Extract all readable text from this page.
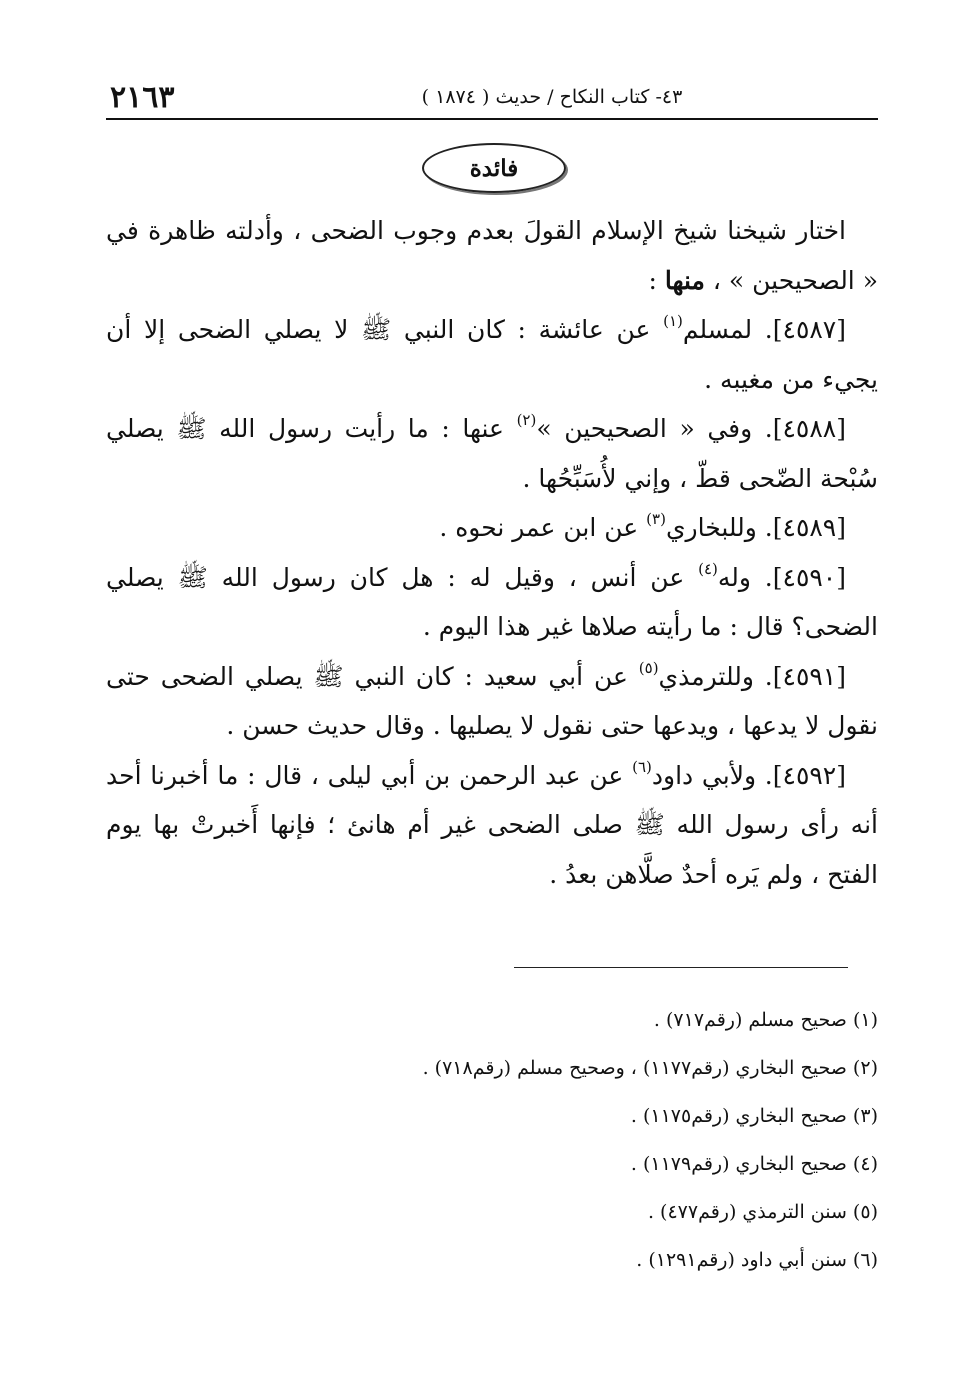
٢١٦٣	٤٣- كتاب النكاح / حديث ( ١٨٧٤ )
فائدة

اختار شيخنا شيخ الإسلام القولَ بعدم وجوب الضحى ، وأدلته ظاهرة في « الصحيحين » ، منها :

[٤٥٨٧]. لمسلم$^{(١)}$ عن عائشة : كان النبي ﷺ لا يصلي الضحى إلا أن يجيء من مغيبه .

[٤٥٨٨]. وفي « الصحيحين »$^{(٢)}$ عنها : ما رأيت رسول الله ﷺ يصلي سُبْحة الضّحى قطّ ، وإني لأُسَبِّحُها .

[٤٥٨٩]. وللبخاري$^{(٣)}$ عن ابن عمر نحوه .

[٤٥٩٠]. وله$^{(٤)}$ عن أنس ، وقيل له : هل كان رسول الله ﷺ يصلي الضحى؟ قال : ما رأيته صلاها غير هذا اليوم .

[٤٥٩١]. وللترمذي$^{(٥)}$ عن أبي سعيد : كان النبي ﷺ يصلي الضحى حتى نقول لا يدعها ، ويدعها حتى نقول لا يصليها . وقال حديث حسن .

[٤٥٩٢]. ولأبي داود$^{(٦)}$ عن عبد الرحمن بن أبي ليلى ، قال : ما أخبرنا أحد أنه رأى رسول الله ﷺ صلى الضحى غير أم هانئ ؛ فإنها أَخبرتْ بها يوم الفتح ، ولم يَره أحدٌ صلَّاهن بعدُ .

(١) صحيح مسلم (رقم٧١٧) .

(٢) صحيح البخاري (رقم١١٧٧) ، وصحيح مسلم (رقم٧١٨) .

(٣) صحيح البخاري (رقم١١٧٥) .

(٤) صحيح البخاري (رقم١١٧٩) .

(٥) سنن الترمذي (رقم٤٧٧) .

(٦) سنن أبي داود (رقم١٢٩١) .
